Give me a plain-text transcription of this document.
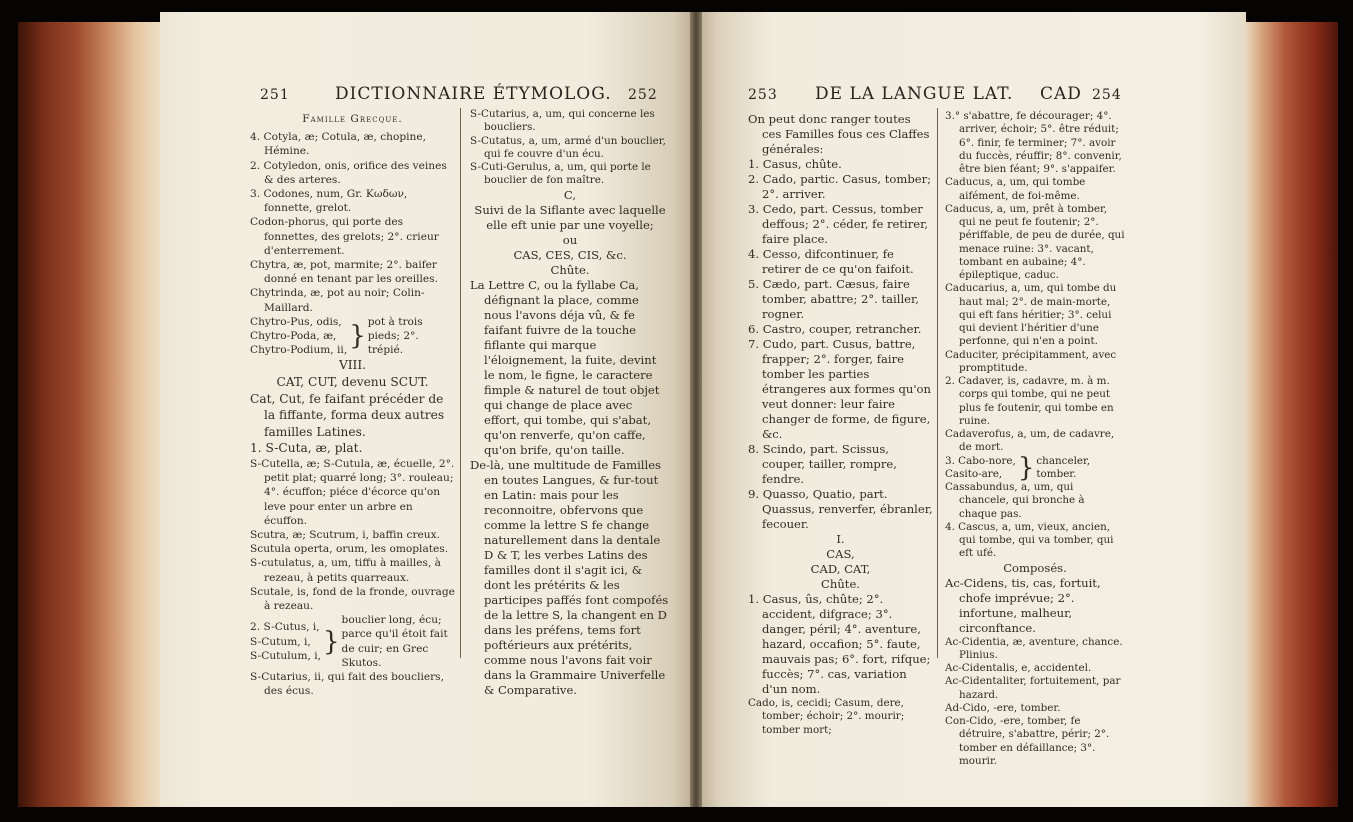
251	DICTIONNAIRE ÉTYMOLOG. 252	253 DE LA LANGUE LAT. CAD 254

Famille Grecque.

4. Cotyla, æ; Cotula, æ, chopine, Hémine.

2. Cotyledon, onis, orifice des veines & des arteres.

3. Codones, num, Gr. Kωδων, fonnette, grelot.

Codon-phorus, qui porte des fonnettes, des grelots; 2°. crieur d'enterrement.

Chytra, æ, pot, marmite; 2°. baifer donné en tenant par les oreilles.

Chytrinda, æ, pot au noir; Colin-Maillard.

Chytro-Pus, odis,
Chytro-Poda, æ,
Chytro-Podium, ii, } pot à trois pieds; 2°. trépié.

VIII.

CAT, CUT, devenu SCUT.

Cat, Cut, fe faifant précéder de la fiffante, forma deux autres familles Latines.

1. S-Cuta, æ, plat.

S-Cutella, æ; S-Cutula, æ, écuelle, 2°. petit plat; quarré long; 3°. rouleau; 4°. écuffon; piéce d'écorce qu'on leve pour enter un arbre en écuffon.

Scutra, æ; Scutrum, i, baffin creux.

Scutula operta, orum, les omoplates.

S-cutulatus, a, um, tiffu à mailles, à rezeau, à petits quarreaux.

Scutale, is, fond de la fronde, ouvrage à rezeau.

2. S-Cutus, i,
S-Cutum, i,
S-Cutulum, i, }
bouclier long, écu; parce qu'il étoit fait de cuir; en Grec Skutos.

S-Cutarius, ii, qui fait des boucliers, des écus.

S-Cutarius, a, um, qui concerne les boucliers.

S-Cutatus, a, um, armé d'un bouclier, qui fe couvre d'un écu.

S-Cuti-Gerulus, a, um, qui porte le bouclier de fon maître.

C,

Suivi de la Siflante avec laquelle elle eft unie par une voyelle;

ou

CAS, CES, CIS, &c.

Chûte.

La Lettre C, ou la fyllabe Ca, défignant la place, comme nous l'avons déja vû, & fe faifant fuivre de la touche fiflante qui marque l'éloignement, la fuite, devint le nom, le figne, le caractere fimple & naturel de tout objet qui change de place avec effort, qui tombe, qui s'abat, qu'on renverfe, qu'on caffe, qu'on brife, qu'on taille.

De-là, une multitude de Familles en toutes Langues, & fur-tout en Latin: mais pour les reconnoitre, obfervons que comme la lettre S fe change naturellement dans la dentale D & T, les verbes Latins des familles dont il s'agit ici, & dont les prétérits & les participes paffés font compofés de la lettre S, la changent en D dans les préfens, tems fort poftérieurs aux prétérits, comme nous l'avons fait voir dans la Grammaire Univerfelle & Comparative.

On peut donc ranger toutes ces Familles fous ces Claffes générales:

1. Casus, chûte.

2. Cado, partic. Casus, tomber; 2°. arriver.

3. Cedo, part. Cessus, tomber deffous; 2°. céder, fe retirer, faire place.

4. Cesso, difcontinuer, fe retirer de ce qu'on faifoit.

5. Cædo, part. Cæsus, faire tomber, abattre; 2°. tailler, rogner.

6. Castro, couper, retrancher.

7. Cudo, part. Cusus, battre, frapper; 2°. forger, faire tomber les parties étrangeres aux formes qu'on veut donner: leur faire changer de forme, de figure, &c.

8. Scindo, part. Scissus, couper, tailler, rompre, fendre.

9. Quasso, Quatio, part. Quassus, renverfer, ébranler, fecouer.

I.

CAS,

CAD, CAT,

Chûte.

1. Casus, ûs, chûte; 2°. accident, difgrace; 3°. danger, péril; 4°. aventure, hazard, occafion; 5°. faute, mauvais pas; 6°. fort, rifque; fuccès; 7°. cas, variation d'un nom.

Cado, is, cecidi; Casum, dere, tomber; échoir; 2°. mourir; tomber mort;

3.° s'abattre, fe décourager; 4°. arriver, échoir; 5°. être réduit; 6°. finir, fe terminer; 7°. avoir du fuccès, réuffir; 8°. convenir, être bien féant; 9°. s'appaifer.

Caducus, a, um, qui tombe aifément, de foi-même.

Caducus, a, um, prêt à tomber, qui ne peut fe foutenir; 2°. périffable, de peu de durée, qui menace ruine: 3°. vacant, tombant en aubaine; 4°. épileptique, caduc.

Caducarius, a, um, qui tombe du haut mal; 2°. de main-morte, qui eft fans héritier; 3°. celui qui devient l'héritier d'une perfonne, qui n'en a point.

Caduciter, précipitamment, avec promptitude.

2. Cadaver, is, cadavre, m. à m. corps qui tombe, qui ne peut plus fe foutenir, qui tombe en ruine.

Cadaverofus, a, um, de cadavre, de mort.

3. Cabo-nore,
Casito-are, } chanceler, tomber.

Cassabundus, a, um, qui chancele, qui bronche à chaque pas.

4. Cascus, a, um, vieux, ancien, qui tombe, qui va tomber, qui eft ufé.

Composés.

Ac-Cidens, tis, cas, fortuit, chofe imprévue; 2°. infortune, malheur, circonftance.

Ac-Cidentia, æ, aventure, chance. Plinius.

Ac-Cidentalis, e, accidentel.

Ac-Cidentaliter, fortuitement, par hazard.

Ad-Cido, -ere, tomber.

Con-Cido, -ere, tomber, fe détruire, s'abattre, périr; 2°. tomber en défaillance; 3°. mourir.
